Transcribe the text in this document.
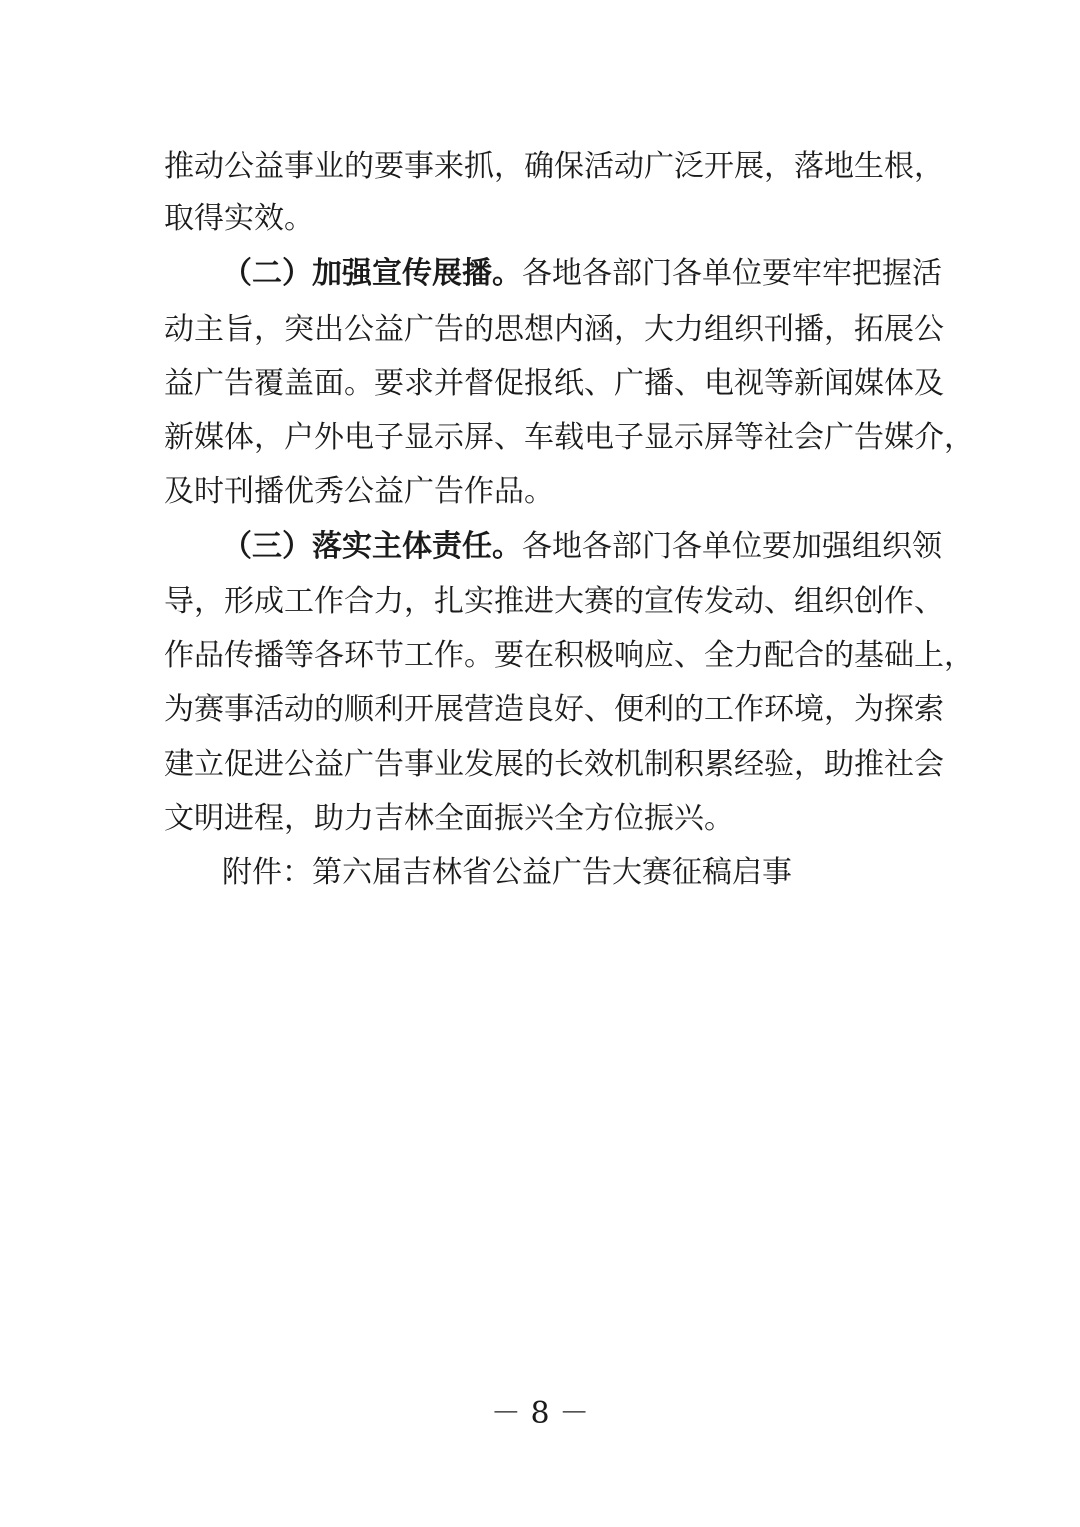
推动公益事业的要事来抓，确保活动广泛开展，落地生根，
取得实效。
（二）加强宣传展播。各地各部门各单位要牢牢把握活
动主旨，突出公益广告的思想内涵，大力组织刊播，拓展公
益广告覆盖面。要求并督促报纸、广播、电视等新闻媒体及
新媒体，户外电子显示屏、车载电子显示屏等社会广告媒介，
及时刊播优秀公益广告作品。
（三）落实主体责任。各地各部门各单位要加强组织领
导，形成工作合力，扎实推进大赛的宣传发动、组织创作、
作品传播等各环节工作。要在积极响应、全力配合的基础上，
为赛事活动的顺利开展营造良好、便利的工作环境，为探索
建立促进公益广告事业发展的长效机制积累经验，助推社会
文明进程，助力吉林全面振兴全方位振兴。
附件：第六届吉林省公益广告大赛征稿启事
－ 8 －
